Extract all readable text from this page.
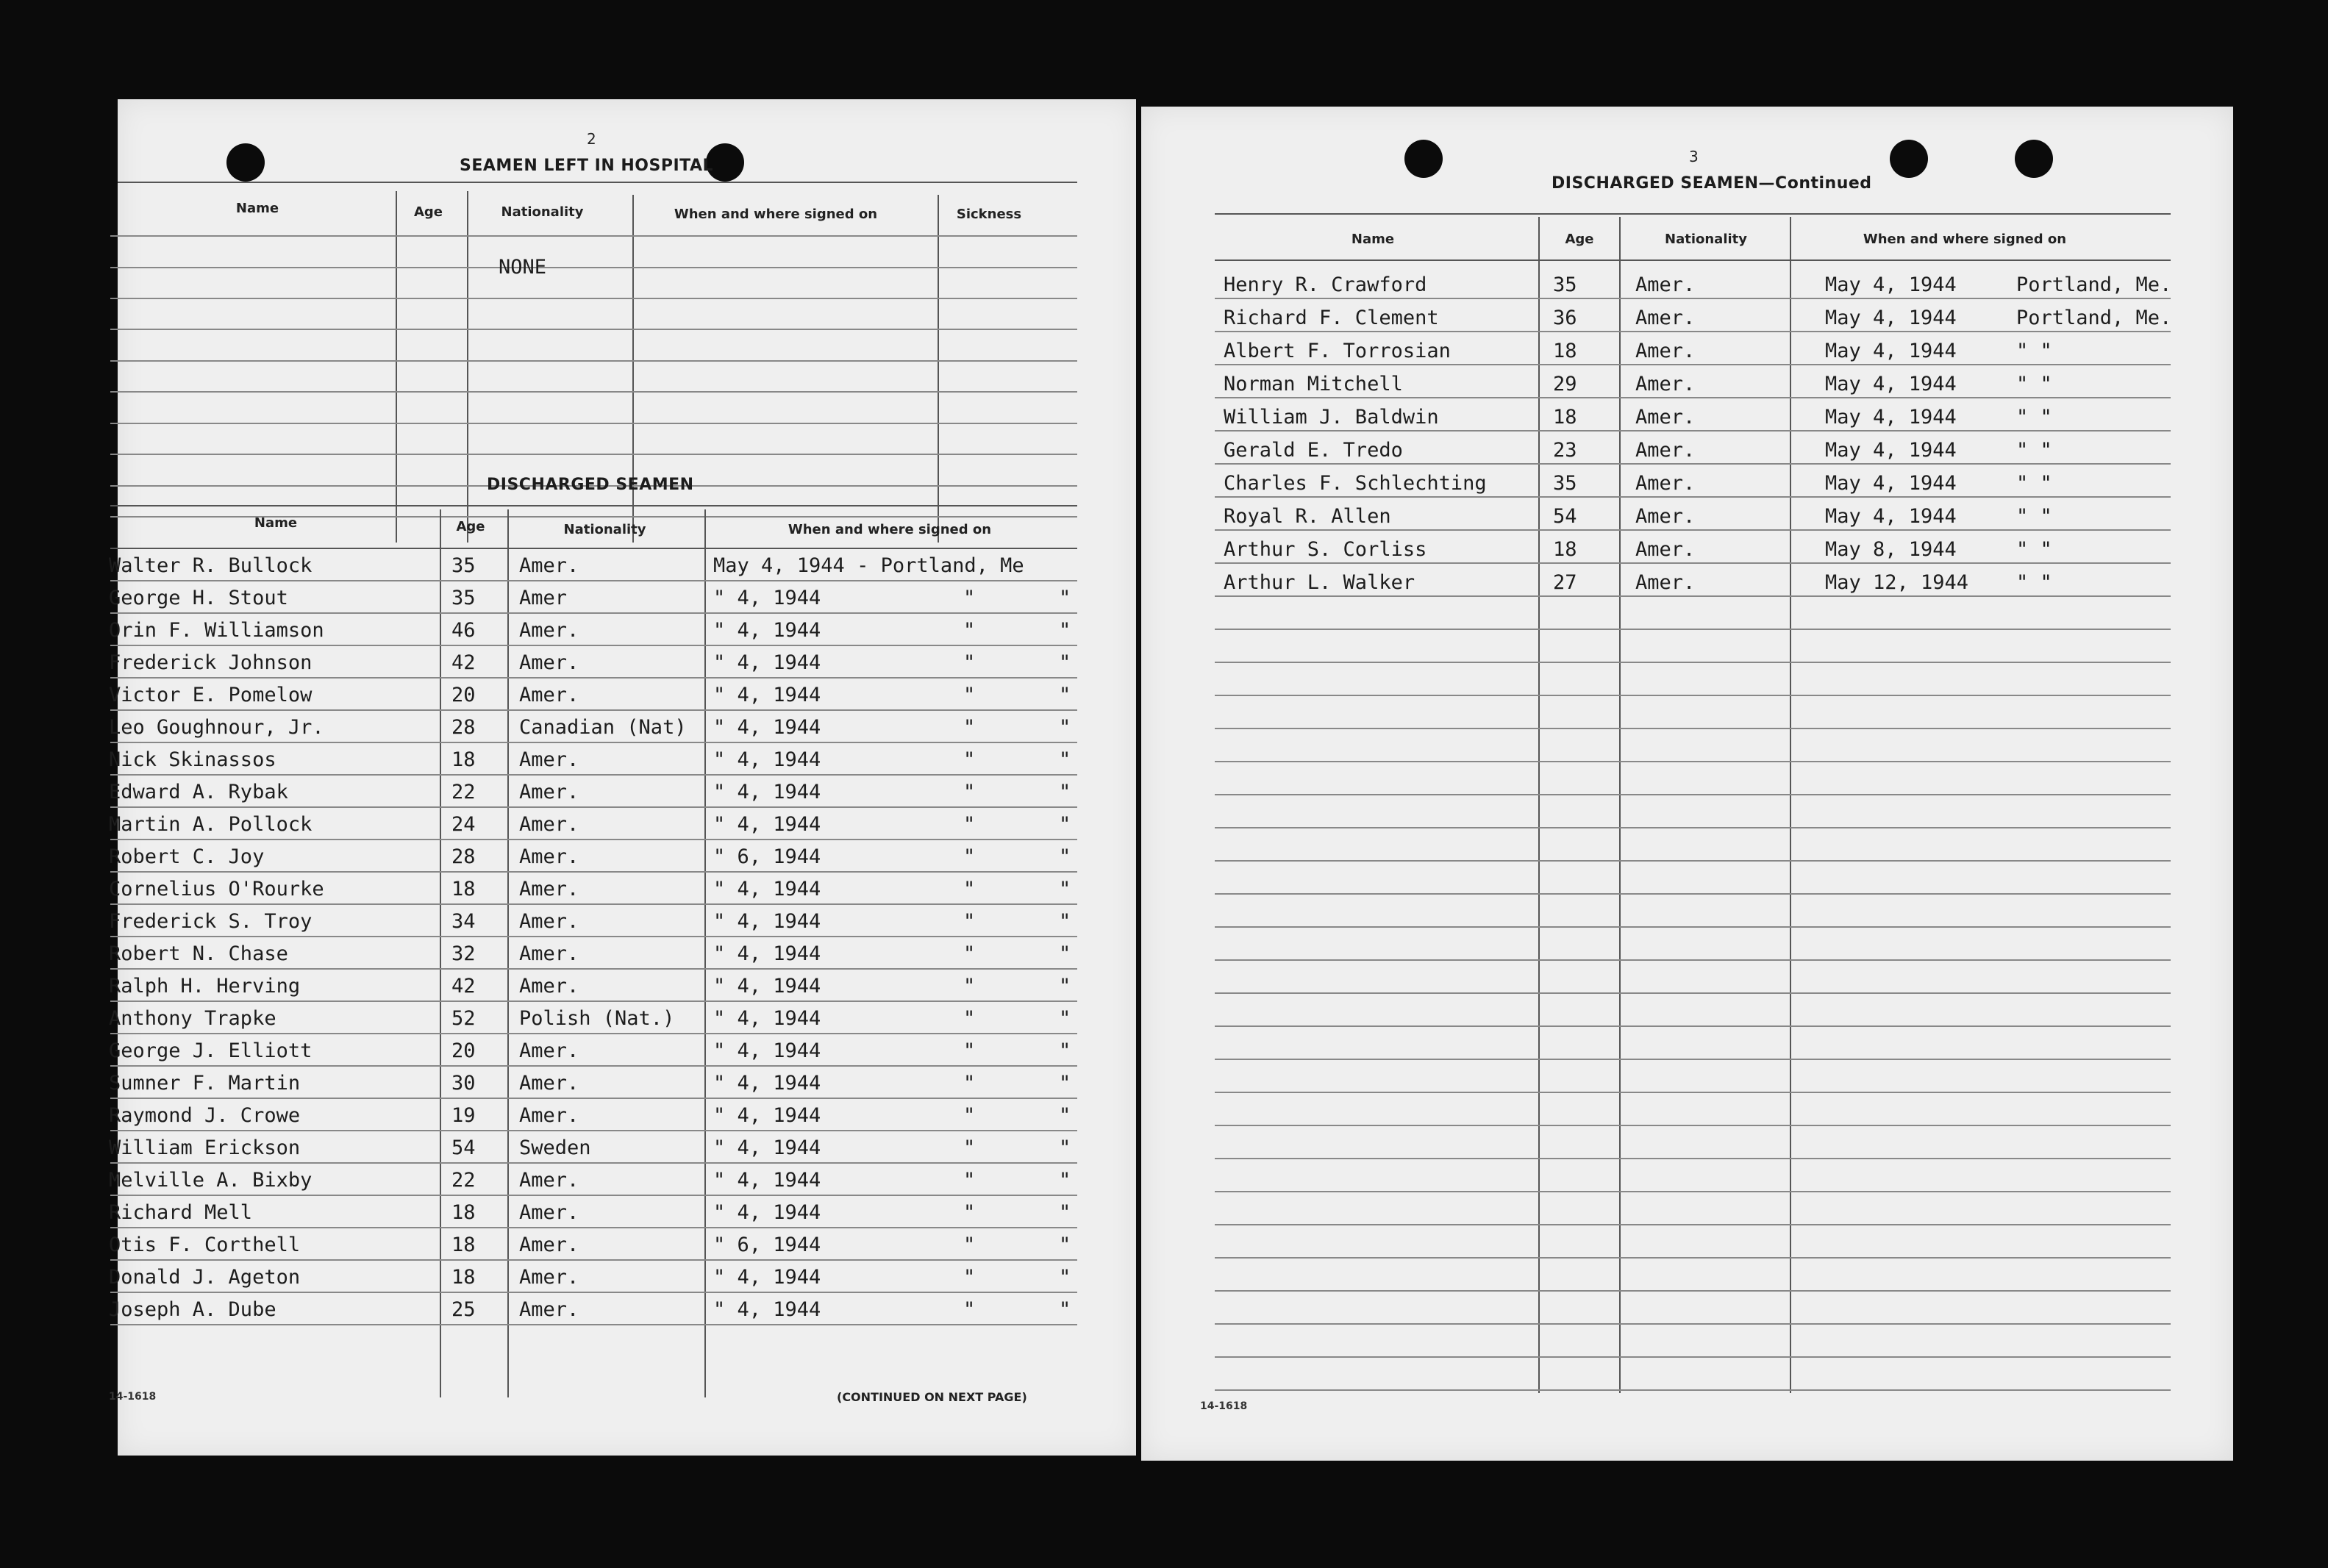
2
SEAMEN LEFT IN HOSPITAL
Name	Age	Nationality	When and where signed on	Sickness
NONE
DISCHARGED SEAMEN
Name	Age	Nationality	When and where signed on
Walter R. Bullock	35 Amer.	May 4, 1944 - Portland, Me
George H. Stout	35 Amer	" 4, 1944	"	"
Orin F. Williamson	46 Amer.	" 4, 1944	"	"
Frederick Johnson	42 Amer.	" 4, 1944	"	"
Victor E. Pomelow	20 Amer.	" 4, 1944	"	"
Leo Goughnour, Jr.	28 Canadian (Nat) " 4, 1944	"	"
Nick Skinassos	18 Amer.	" 4, 1944	"	"
Edward A. Rybak	22 Amer.	" 4, 1944	"	"
Martin A. Pollock	24 Amer.	" 4, 1944	"	"
Robert C. Joy	28 Amer.	" 6, 1944	"	"
Cornelius O'Rourke	18 Amer.	" 4, 1944	"	"
Frederick S. Troy	34 Amer.	" 4, 1944	"	"
Robert N. Chase	32 Amer.	" 4, 1944	"	"
Ralph H. Herving	42 Amer.	" 4, 1944	"	"
Anthony Trapke	52 Polish (Nat.) " 4, 1944	"	"
George J. Elliott	20 Amer.	" 4, 1944	"	"
Sumner F. Martin	30 Amer.	" 4, 1944	"	"
Raymond J. Crowe	19 Amer.	" 4, 1944	"	"
William Erickson	54 Sweden	" 4, 1944	"	"
Melville A. Bixby	22 Amer.	" 4, 1944	"	"
Richard Mell	18 Amer.	" 4, 1944	"	"
Otis F. Corthell	18 Amer.	" 6, 1944	"	"
Donald J. Ageton	18 Amer.	" 4, 1944	"	"
Joseph A. Dube	25 Amer.	" 4, 1944	"	"
14-1618	(CONTINUED ON NEXT PAGE)
3
DISCHARGED SEAMEN—Continued
Name	Age	Nationality	When and where signed on
Henry R. Crawford	35	Amer.	May 4, 1944	Portland, Me.
Richard F. Clement	36	Amer.	May 4, 1944	Portland, Me.
Albert F. Torrosian	18	Amer.	May 4, 1944	" "
Norman Mitchell	29	Amer.	May 4, 1944	" "
William J. Baldwin	18	Amer.	May 4, 1944	" "
Gerald E. Tredo	23	Amer.	May 4, 1944	" "
Charles F. Schlechting	35	Amer.	May 4, 1944	" "
Royal R. Allen	54	Amer.	May 4, 1944	" "
Arthur S. Corliss	18	Amer.	May 8, 1944	" "
Arthur L. Walker	27	Amer.	May 12, 1944 " "
14-1618
